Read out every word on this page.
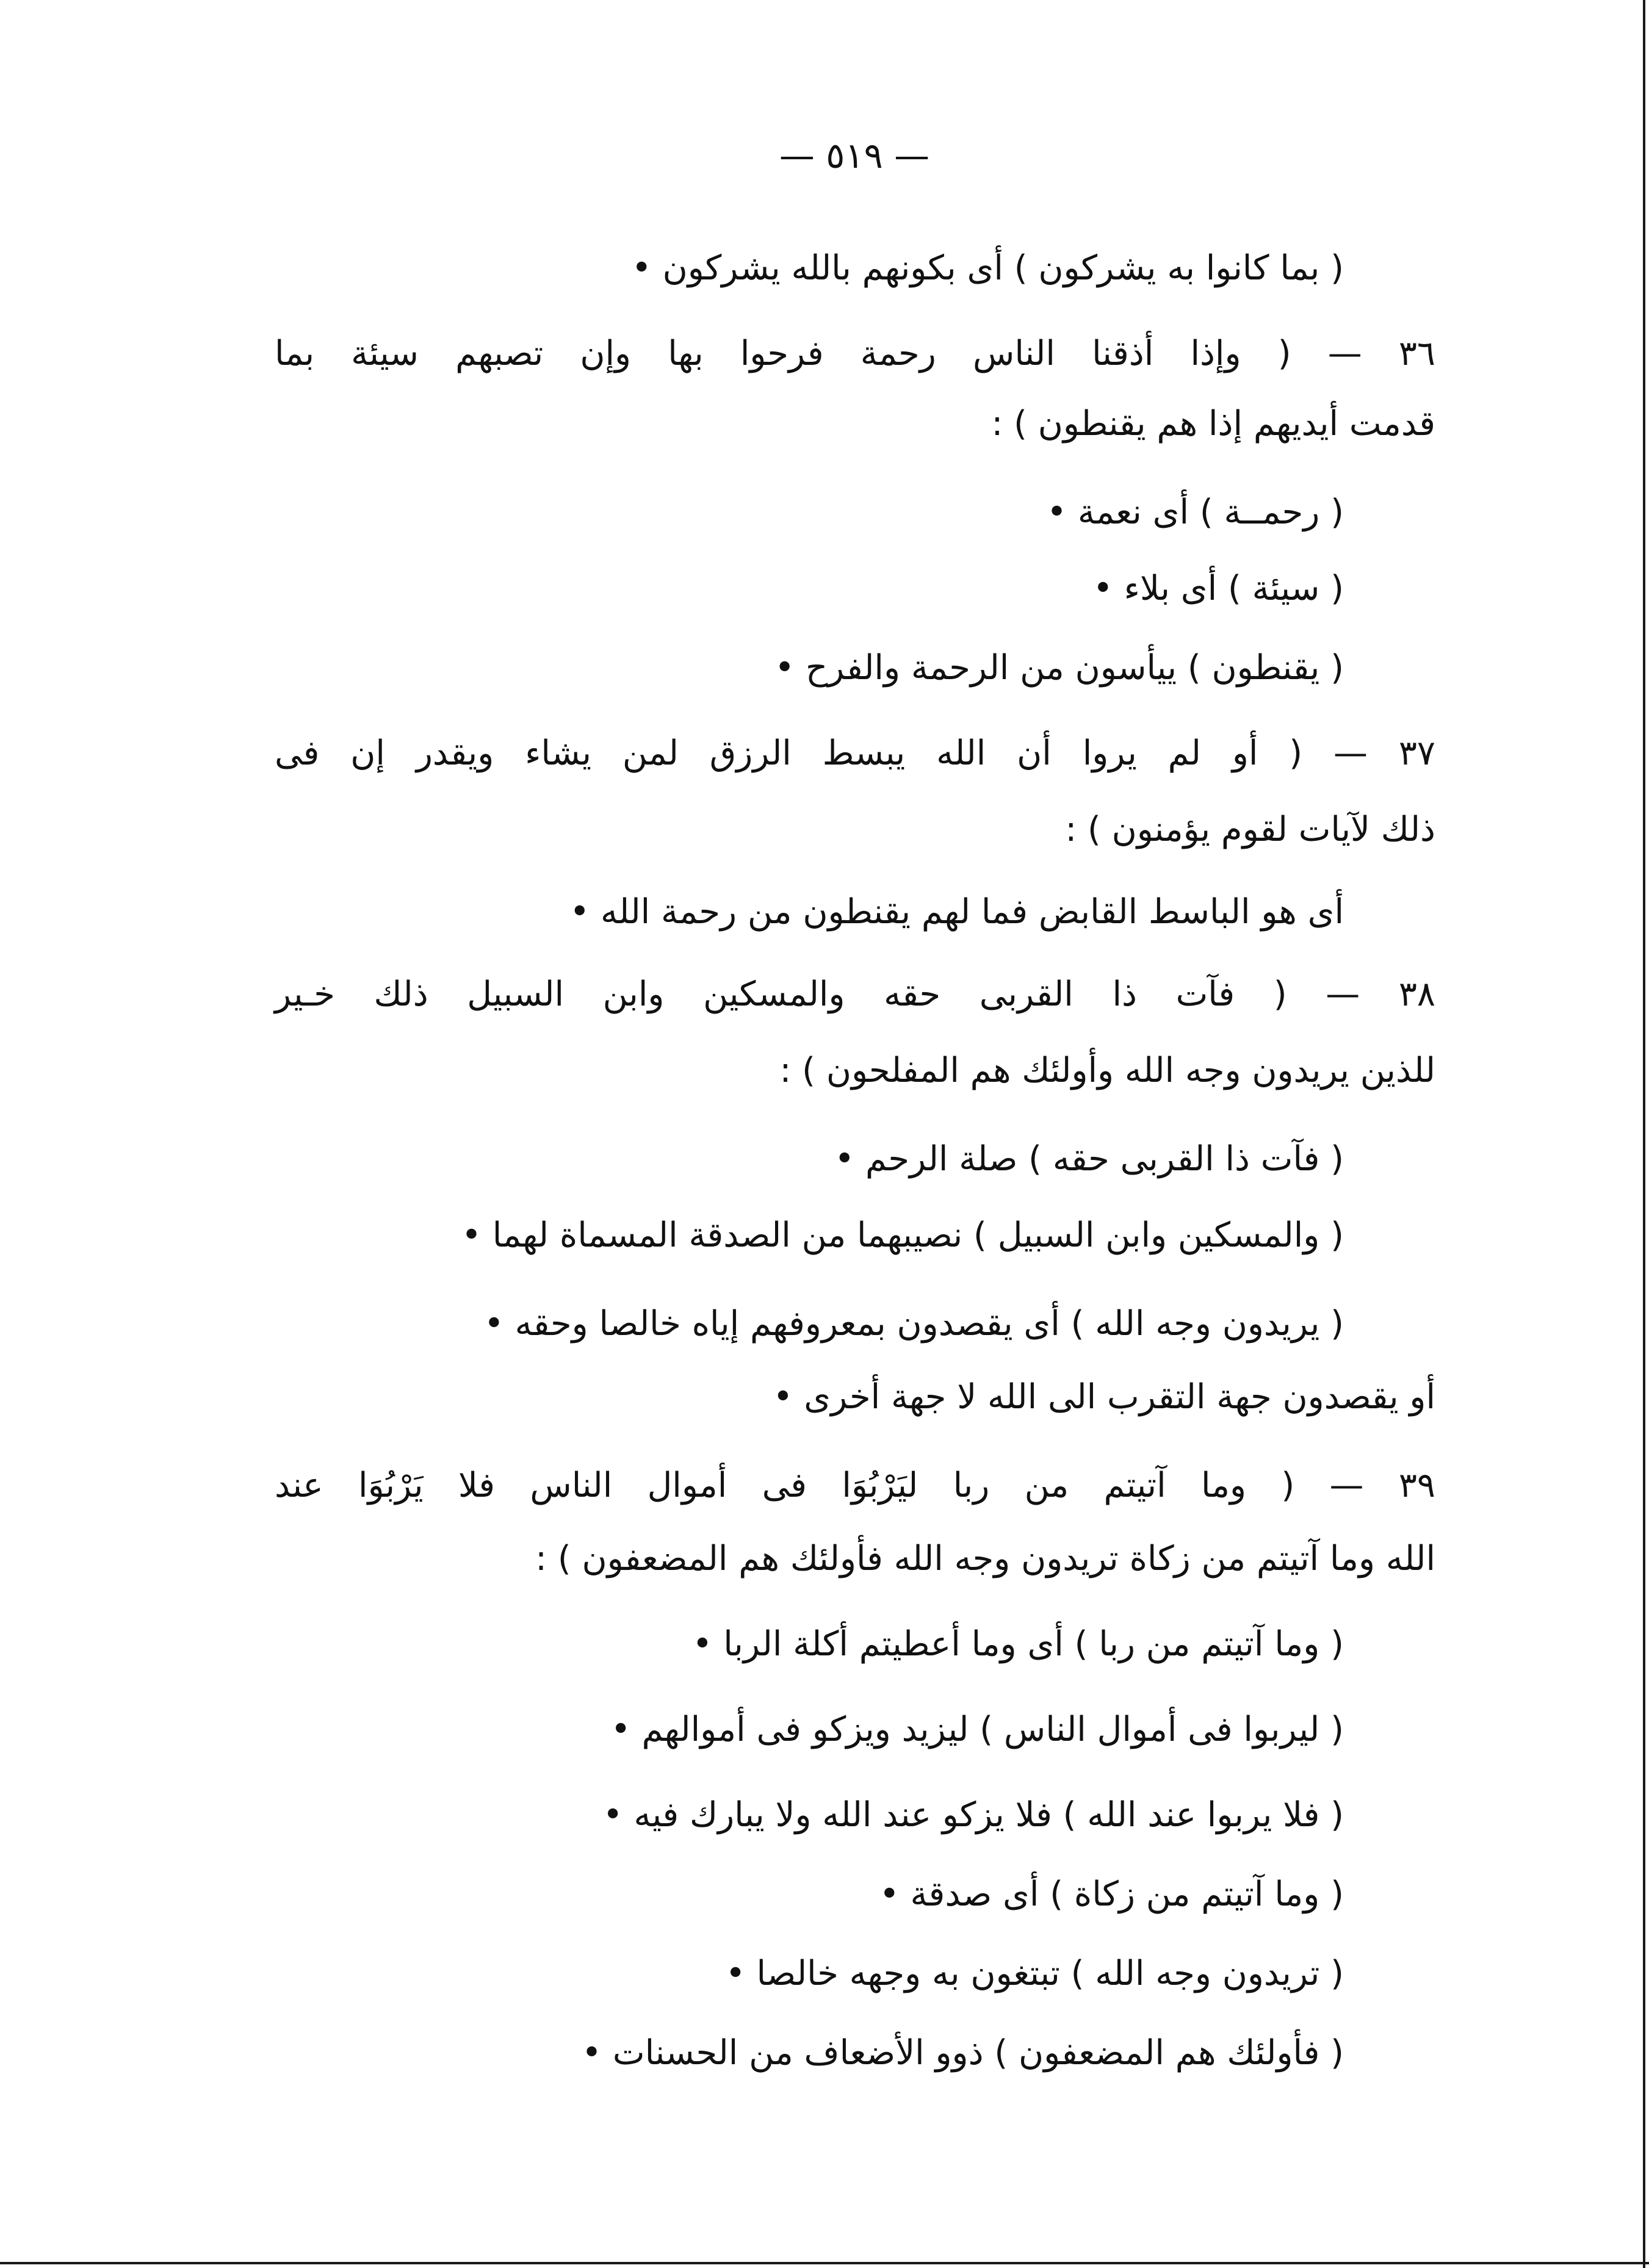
— ٥١٩ —
( بما كانوا به يشركون ) أى بكونهم بالله يشركون •
٣٦ — ( وإذا أذقنا الناس رحمة فرحوا بها وإن تصبهم سيئة بما
قدمت أيديهم إذا هم يقنطون ) :
( رحمــة ) أى نعمة •
( سيئة ) أى بلاء •
( يقنطون ) ييأسون من الرحمة والفرح •
٣٧ — ( أو لم يروا أن الله يبسط الرزق لمن يشاء ويقدر إن فى
ذلك لآيات لقوم يؤمنون ) :
أى هو الباسط القابض فما لهم يقنطون من رحمة الله •
٣٨ — ( فآت ذا القربى حقه والمسكين وابن السبيل ذلك خـير
للذين يريدون وجه الله وأولئك هم المفلحون ) :
( فآت ذا القربى حقه ) صلة الرحم •
( والمسكين وابن السبيل ) نصيبهما من الصدقة المسماة لهما •
( يريدون وجه الله ) أى يقصدون بمعروفهم إياه خالصا وحقه •
أو يقصدون جهة التقرب الى الله لا جهة أخرى •
٣٩ — ( وما آتيتم من ربا ليَرْبُوَا فى أموال الناس فلا يَرْبُوَا عند
الله وما آتيتم من زكاة تريدون وجه الله فأولئك هم المضعفون ) :
( وما آتيتم من ربا ) أى وما أعطيتم أكلة الربا •
( ليربوا فى أموال الناس ) ليزيد ويزكو فى أموالهم •
( فلا يربوا عند الله ) فلا يزكو عند الله ولا يبارك فيه •
( وما آتيتم من زكاة ) أى صدقة •
( تريدون وجه الله ) تبتغون به وجهه خالصا •
( فأولئك هم المضعفون ) ذوو الأضعاف من الحسنات •
